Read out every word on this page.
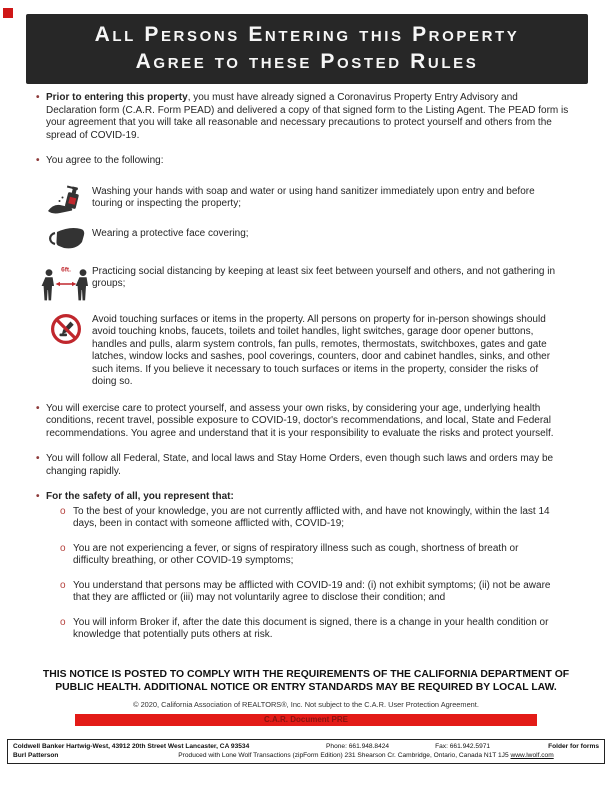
All Persons Entering this Property
Agree to these Posted Rules
• Prior to entering this property, you must have already signed a Coronavirus Property Entry Advisory and Declaration form (C.A.R. Form PEAD) and delivered a copy of that signed form to the Listing Agent. The PEAD form is your agreement that you will take all reasonable and necessary precautions to protect yourself and others from the spread of COVID-19.
• You agree to the following:
Washing your hands with soap and water or using hand sanitizer immediately upon entry and before touring or inspecting the property;
Wearing a protective face covering;
6ft. Practicing social distancing by keeping at least six feet between yourself and others, and not gathering in groups;
Avoid touching surfaces or items in the property. All persons on property for in-person showings should avoid touching knobs, faucets, toilets and toilet handles, light switches, garage door opener buttons, handles and pulls, alarm system controls, fan pulls, remotes, thermostats, switchboxes, gates and gate latches, window locks and sashes, pool coverings, counters, door and cabinet handles, sinks, and other such items. If you believe it necessary to touch surfaces or items in the property, consider the risks of doing so.
• You will exercise care to protect yourself, and assess your own risks, by considering your age, underlying health conditions, recent travel, possible exposure to COVID-19, doctor's recommendations, and local, State and Federal recommendations. You agree and understand that it is your responsibility to evaluate the risks and protect yourself.
• You will follow all Federal, State, and local laws and Stay Home Orders, even though such laws and orders may be changing rapidly.
• For the safety of all, you represent that:
o To the best of your knowledge, you are not currently afflicted with, and have not knowingly, within the last 14 days, been in contact with someone afflicted with, COVID-19;
o You are not experiencing a fever, or signs of respiratory illness such as cough, shortness of breath or difficulty breathing, or other COVID-19 symptoms;
o You understand that persons may be afflicted with COVID-19 and: (i) not exhibit symptoms; (ii) not be aware that they are afflicted or (iii) may not voluntarily agree to disclose their condition; and
o You will inform Broker if, after the date this document is signed, there is a change in your health condition or knowledge that potentially puts others at risk.
THIS NOTICE IS POSTED TO COMPLY WITH THE REQUIREMENTS OF THE CALIFORNIA DEPARTMENT OF PUBLIC HEALTH. ADDITIONAL NOTICE OR ENTRY STANDARDS MAY BE REQUIRED BY LOCAL LAW.
© 2020, California Association of REALTORS®, Inc. Not subject to the C.A.R. User Protection Agreement.
C.A.R. Document PRE
Coldwell Banker Hartwig-West, 43912 20th Street West Lancaster, CA 93534	Phone: 661.948.8424	Fax: 661.942.5971	Folder for forms
Burl Patterson	Produced with Lone Wolf Transactions (zipForm Edition) 231 Shearson Cr. Cambridge, Ontario, Canada N1T 1J5 www.lwolf.com
